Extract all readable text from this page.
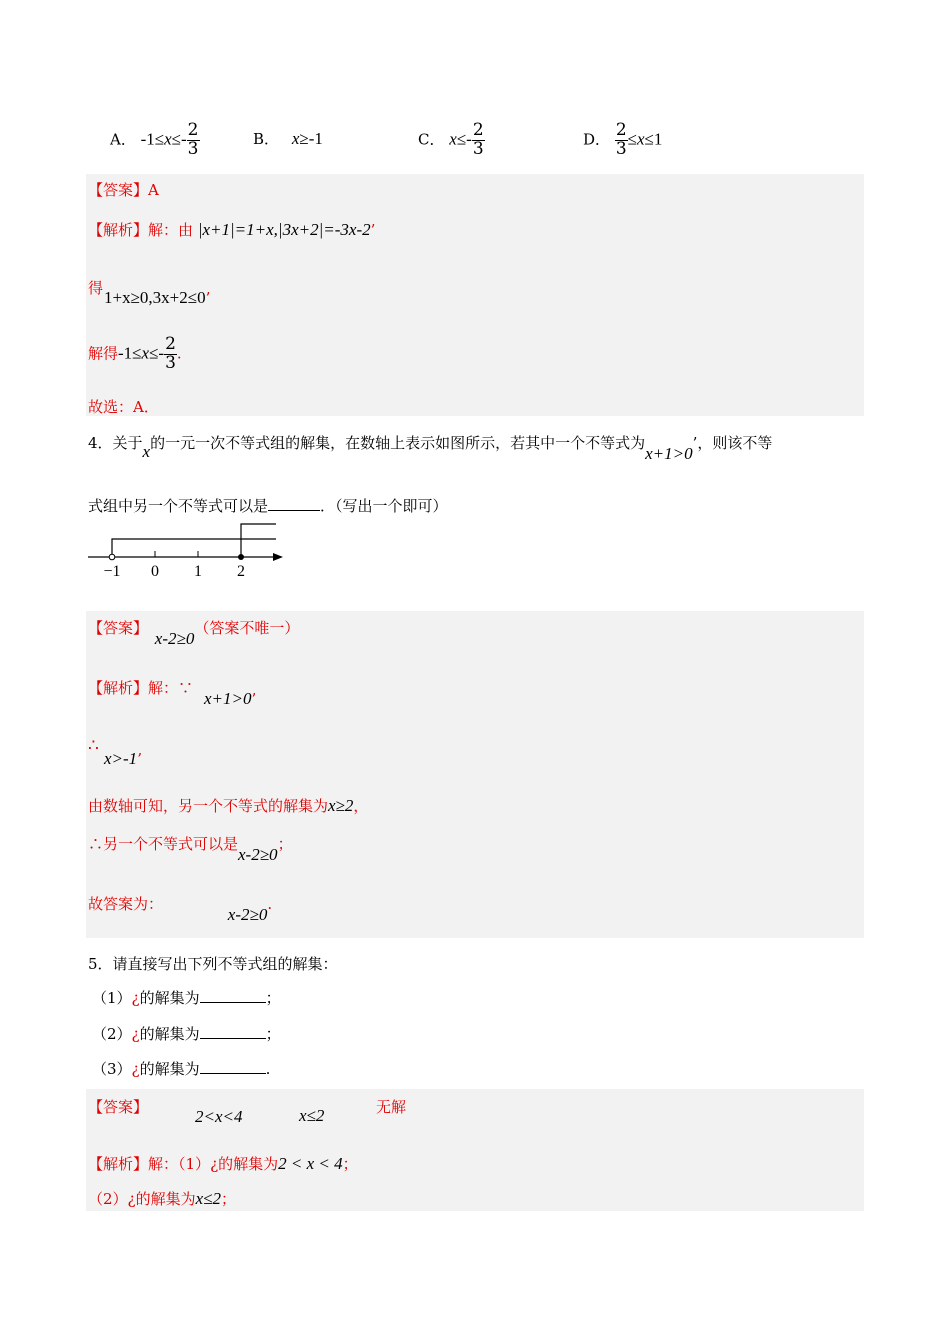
A． $-1\le x\le- \frac{2}{3}$	B． x≥-1	C． $x\le- \frac{2}{3}$	D． $\frac{2}{3} \le x\le 1$
【答案】A
【解析】解：由 |x+1|=1+x,|3x+2|=-3x-2’
得 1+x≥0,3x+2≤0’
解得$-1\le x\le- \frac{2}{3}$ .
故选：A．
4．关于x的一元一次不等式组的解集，在数轴上表示如图所示，若其中一个不等式为x+1>0’，则该不等
式组中另一个不等式可以是	．（写出一个即可）
−1 0 1 2
【答案】 x-2≥0（答案不唯一）
【解析】解：∵
x+1>0’
∴
x>-1’
由数轴可知，另一个不等式的解集为x≥2，
∴另一个不等式可以是x-2≥0；
故答案为： x-2≥0.
5．请直接写出下列不等式组的解集：
（1）¿的解集为	；
（2）¿的解集为	；
（3）¿的解集为	.
【答案】	2<x<4	x≤2	无解
【解析】解：（1）¿的解集为2 < x < 4；
（2）¿的解集为x≤2；
